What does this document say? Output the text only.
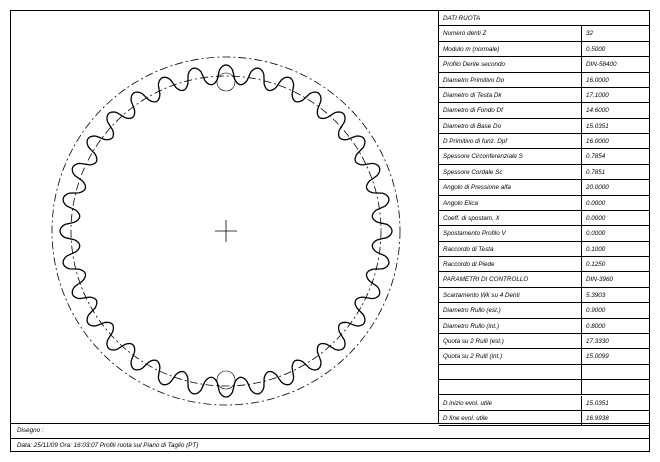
DATI RUOTA
Numero denti Z	32
Modulo m (normale)	0.5000
Profilo Dente secondo	DIN-58400
Diametro Primitivo Do	16.0000
Diametro di Testa Dk	17.1000
Diametro di Fondo Df	14.6000
Diametro di Base Do	15.0351
D Primitivo di funz. Dpf	16.0000
Spessore Circonferenziale S	0.7854
Spessore Cordale Sc	0.7851
Angolo di Pressione alfa	20.0000
Angolo Elica	0.0000
Coeff. di spostam. X	0.0000
Spostamento Profilo V	0.0000
Raccordo di Testa	0.1000
Raccordo di Piede	0.1250
PARAMETRI DI CONTROLLO	DIN-3960
Scartamento Wk su 4 Denti	5.3903
Diametro Rullo (est.)	0.9000
Diametro Rullo (int.)	0.8000
Quota su 2 Rulli (est.)	17.3330
Quota su 2 Rulli (int.)	15.0099
D inizio evol. utile	15.0351
D fine evol. utile	16.9938
Disegno :
Data: 25/11/09 Ora: 16:03:07 Profili ruota sul Piano di Taglio (PT)
